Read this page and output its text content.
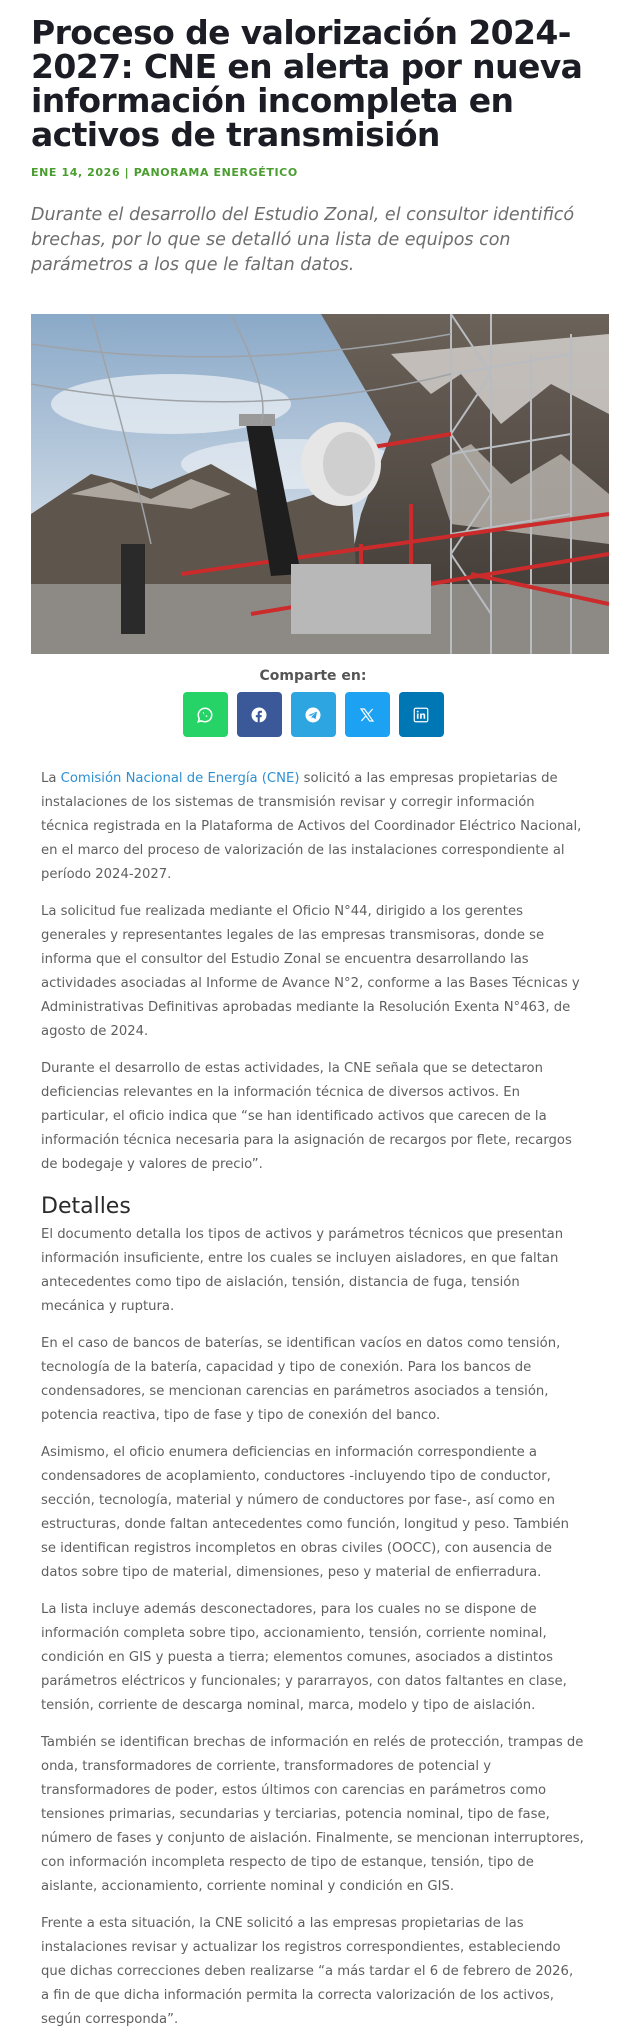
Proceso de valorización 2024-2027: CNE en alerta por nueva información incompleta en activos de transmisión
ENE 14, 2026 | PANORAMA ENERGÉTICO

Durante el desarrollo del Estudio Zonal, el consultor identificó brechas, por lo que se detalló una lista de equipos con parámetros a los que le faltan datos.

Comparte en:

La Comisión Nacional de Energía (CNE) solicitó a las empresas propietarias de instalaciones de los sistemas de transmisión revisar y corregir información técnica registrada en la Plataforma de Activos del Coordinador Eléctrico Nacional, en el marco del proceso de valorización de las instalaciones correspondiente al período 2024-2027.

La solicitud fue realizada mediante el Oficio N°44, dirigido a los gerentes generales y representantes legales de las empresas transmisoras, donde se informa que el consultor del Estudio Zonal se encuentra desarrollando las actividades asociadas al Informe de Avance N°2, conforme a las Bases Técnicas y Administrativas Definitivas aprobadas mediante la Resolución Exenta N°463, de agosto de 2024.

Durante el desarrollo de estas actividades, la CNE señala que se detectaron deficiencias relevantes en la información técnica de diversos activos. En particular, el oficio indica que “se han identificado activos que carecen de la información técnica necesaria para la asignación de recargos por flete, recargos de bodegaje y valores de precio”.

Detalles

El documento detalla los tipos de activos y parámetros técnicos que presentan información insuficiente, entre los cuales se incluyen aisladores, en que faltan antecedentes como tipo de aislación, tensión, distancia de fuga, tensión mecánica y ruptura.

En el caso de bancos de baterías, se identifican vacíos en datos como tensión, tecnología de la batería, capacidad y tipo de conexión. Para los bancos de condensadores, se mencionan carencias en parámetros asociados a tensión, potencia reactiva, tipo de fase y tipo de conexión del banco.

Asimismo, el oficio enumera deficiencias en información correspondiente a condensadores de acoplamiento, conductores -incluyendo tipo de conductor, sección, tecnología, material y número de conductores por fase-, así como en estructuras, donde faltan antecedentes como función, longitud y peso. También se identifican registros incompletos en obras civiles (OOCC), con ausencia de datos sobre tipo de material, dimensiones, peso y material de enfierradura.

La lista incluye además desconectadores, para los cuales no se dispone de información completa sobre tipo, accionamiento, tensión, corriente nominal, condición en GIS y puesta a tierra; elementos comunes, asociados a distintos parámetros eléctricos y funcionales; y pararrayos, con datos faltantes en clase, tensión, corriente de descarga nominal, marca, modelo y tipo de aislación.

También se identifican brechas de información en relés de protección, trampas de onda, transformadores de corriente, transformadores de potencial y transformadores de poder, estos últimos con carencias en parámetros como tensiones primarias, secundarias y terciarias, potencia nominal, tipo de fase, número de fases y conjunto de aislación. Finalmente, se mencionan interruptores, con información incompleta respecto de tipo de estanque, tensión, tipo de aislante, accionamiento, corriente nominal y condición en GIS.

Frente a esta situación, la CNE solicitó a las empresas propietarias de las instalaciones revisar y actualizar los registros correspondientes, estableciendo que dichas correcciones deben realizarse “a más tardar el 6 de febrero de 2026, a fin de que dicha información permita la correcta valorización de los activos, según corresponda”.
